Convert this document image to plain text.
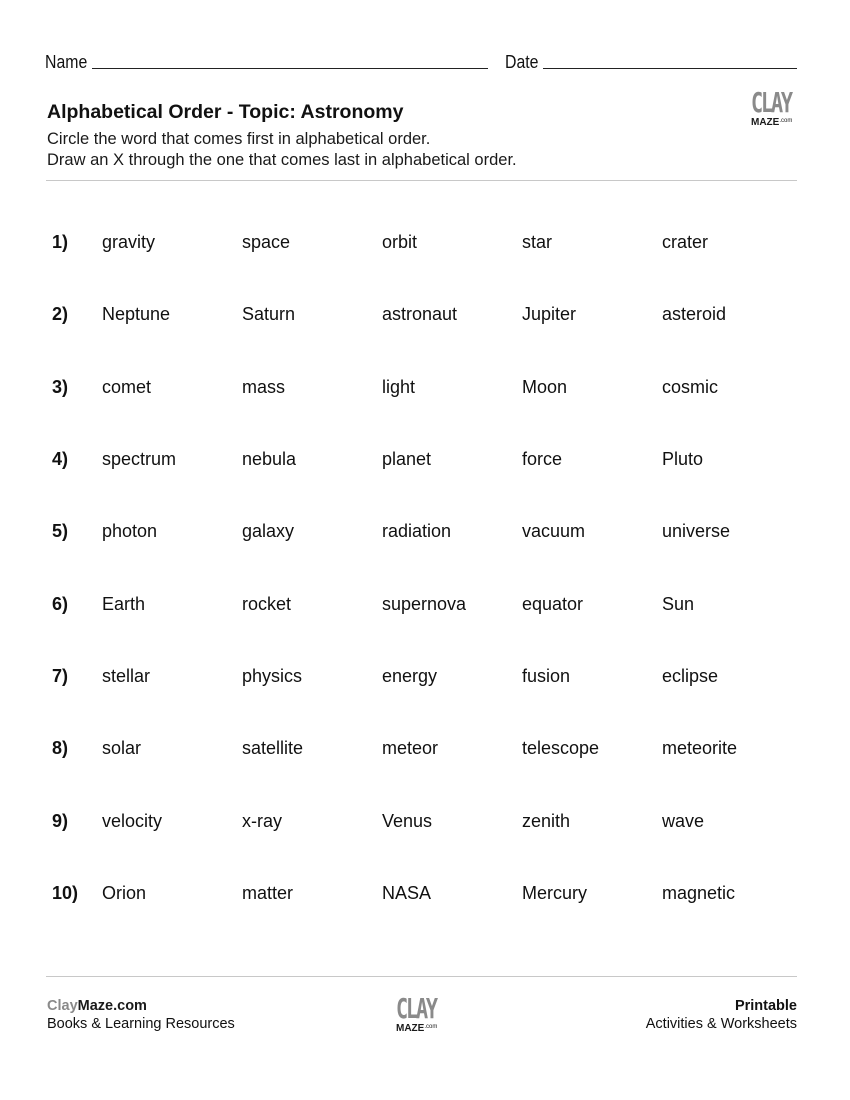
Name	Date
Alphabetical Order - Topic: Astronomy
Circle the word that comes first in alphabetical order.
Draw an X through the one that comes last in alphabetical order.
CLAY
$MAZE^{.com}$
1) gravity	space	orbit	star	crater
2) Neptune	Saturn	astronaut	Jupiter	asteroid
3) comet	mass	light	Moon	cosmic
4) spectrum	nebula	planet	force	Pluto
5) photon	galaxy	radiation	vacuum	universe
6) Earth	rocket	supernova	equator	Sun
7) stellar	physics	energy	fusion	eclipse
8) solar	satellite	meteor	telescope	meteorite
9) velocity	x-ray	Venus	zenith	wave
10) Orion	matter	NASA	Mercury	magnetic
ClayMaze.com
Books & Learning Resources	CLAY
$MAZE^{.com}$
Printable
Activities & Worksheets
